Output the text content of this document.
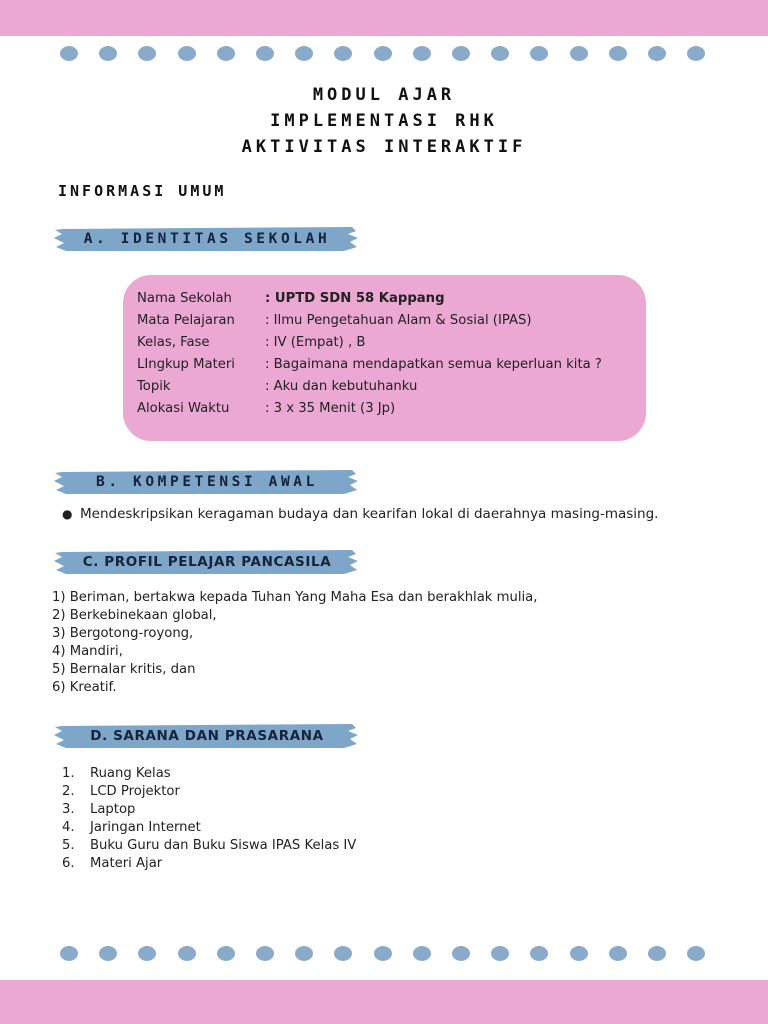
MODUL AJAR
IMPLEMENTASI RHK
AKTIVITAS INTERAKTIF
INFORMASI UMUM
A. IDENTITAS SEKOLAH
Nama Sekolah	: UPTD SDN 58 Kappang
Mata Pelajaran	: Ilmu Pengetahuan Alam & Sosial (IPAS)
Kelas, Fase	: IV (Empat) , B
LIngkup Materi	: Bagaimana mendapatkan semua keperluan kita ?
Topik	: Aku dan kebutuhanku
Alokasi Waktu	: 3 x 35 Menit (3 Jp)
B. KOMPETENSI AWAL
● Mendeskripsikan keragaman budaya dan kearifan lokal di daerahnya masing-masing.
C. PROFIL PELAJAR PANCASILA
1) Beriman, bertakwa kepada Tuhan Yang Maha Esa dan berakhlak mulia,
2) Berkebinekaan global,
3) Bergotong-royong,
4) Mandiri,
5) Bernalar kritis, dan
6) Kreatif.
D. SARANA DAN PRASARANA
1.	Ruang Kelas
2.	LCD Projektor
3.	Laptop
4.	Jaringan Internet
5.	Buku Guru dan Buku Siswa IPAS Kelas IV
6.	Materi Ajar
